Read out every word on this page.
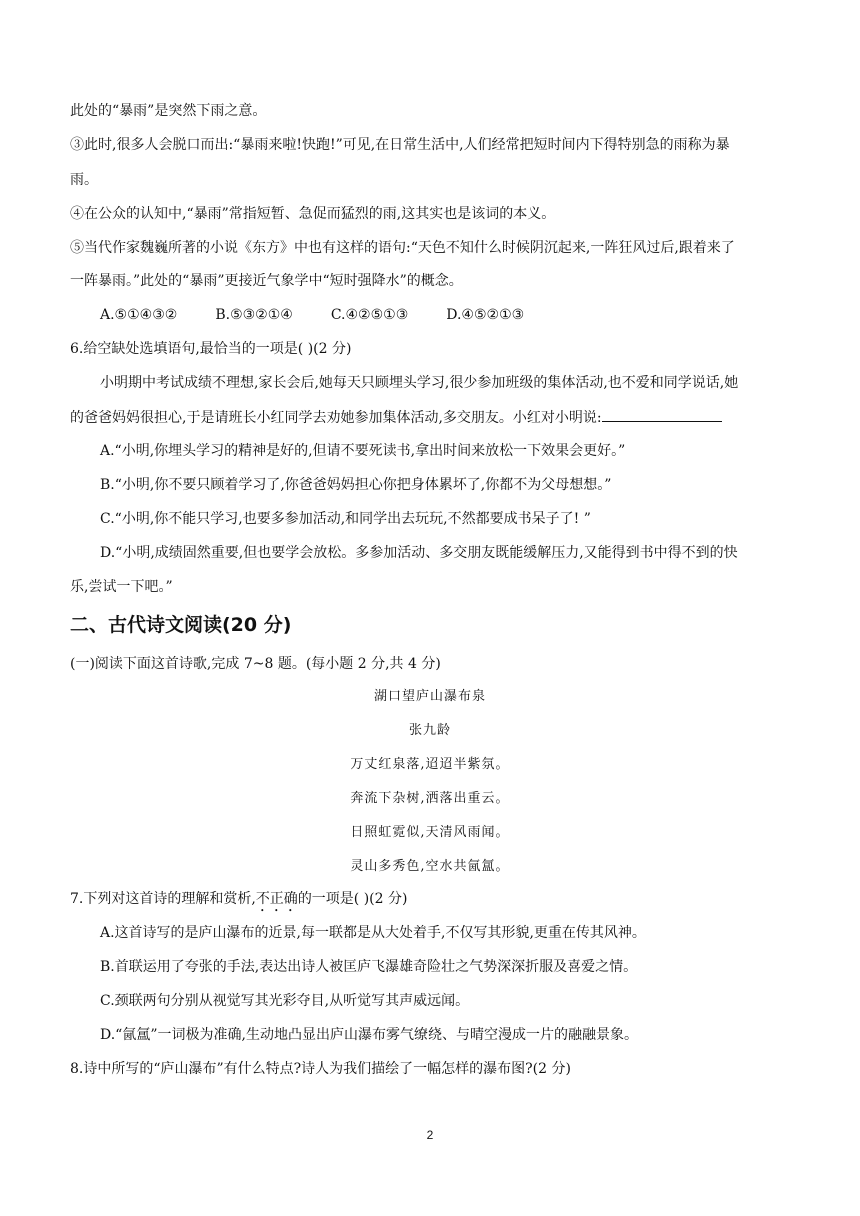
此处的“暴雨”是突然下雨之意。
③此时,很多人会脱口而出:“暴雨来啦!快跑!”可见,在日常生活中,人们经常把短时间内下得特别急的雨称为暴
雨。
④在公众的认知中,“暴雨”常指短暂、急促而猛烈的雨,这其实也是该词的本义。
⑤当代作家魏巍所著的小说《东方》中也有这样的语句:“天色不知什么时候阴沉起来,一阵狂风过后,跟着来了
一阵暴雨。”此处的“暴雨”更接近气象学中“短时强降水”的概念。
A.⑤①④③②	B.⑤③②①④	C.④②⑤①③	D.④⑤②①③
6.给空缺处选填语句,最恰当的一项是( )(2 分)
小明期中考试成绩不理想,家长会后,她每天只顾埋头学习,很少参加班级的集体活动,也不爱和同学说话,她
的爸爸妈妈很担心,于是请班长小红同学去劝她参加集体活动,多交朋友。小红对小明说:
A.“小明,你埋头学习的精神是好的,但请不要死读书,拿出时间来放松一下效果会更好。”
B.“小明,你不要只顾着学习了,你爸爸妈妈担心你把身体累坏了,你都不为父母想想。”
C.“小明,你不能只学习,也要多参加活动,和同学出去玩玩,不然都要成书呆子了! ”
D.“小明,成绩固然重要,但也要学会放松。多参加活动、多交朋友既能缓解压力,又能得到书中得不到的快
乐,尝试一下吧。”
二、古代诗文阅读(20 分)
(一)阅读下面这首诗歌,完成 7~8 题。(每小题 2 分,共 4 分)
湖口望庐山瀑布泉
张九龄
万丈红泉落,迢迢半紫氛。
奔流下杂树,洒落出重云。
日照虹霓似,天清风雨闻。
灵山多秀色,空水共氤氲。
7.下列对这首诗的理解和赏析,不正确的一项是( )(2 分)
A.这首诗写的是庐山瀑布的近景,每一联都是从大处着手,不仅写其形貌,更重在传其风神。
B.首联运用了夸张的手法,表达出诗人被匡庐飞瀑雄奇险壮之气势深深折服及喜爱之情。
C.颈联两句分别从视觉写其光彩夺目,从听觉写其声威远闻。
D.“氤氲”一词极为准确,生动地凸显出庐山瀑布雾气缭绕、与晴空漫成一片的融融景象。
8.诗中所写的“庐山瀑布”有什么特点?诗人为我们描绘了一幅怎样的瀑布图?(2 分)
2
